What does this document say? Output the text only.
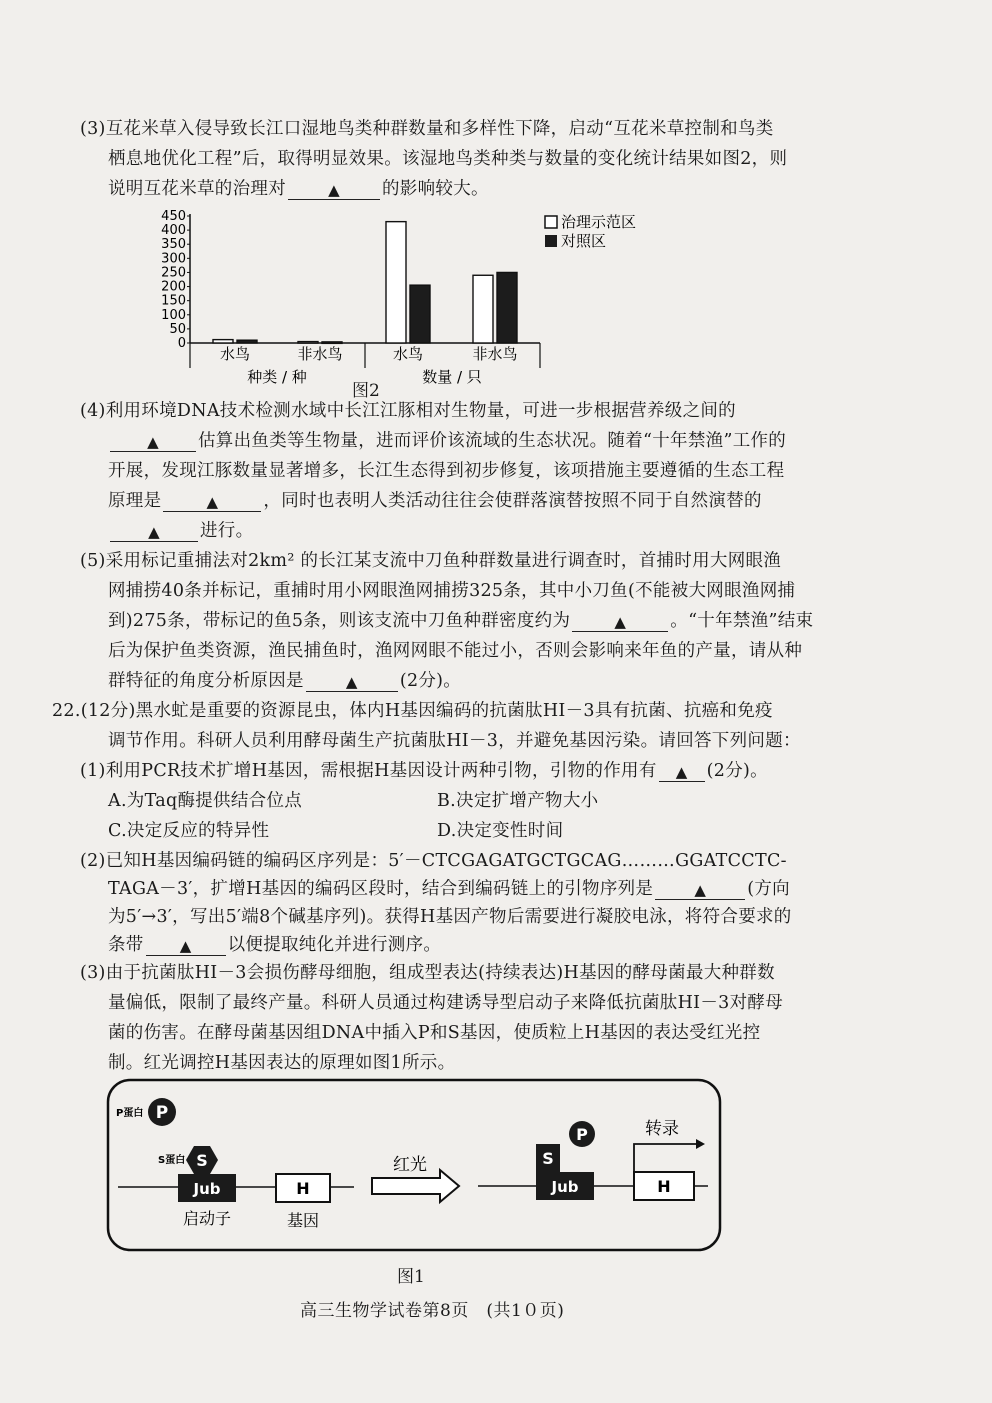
(3)互花米草入侵导致长江口湿地鸟类种群数量和多样性下降，启动“互花米草控制和鸟类
栖息地优化工程”后，取得明显效果。该湿地鸟类种类与数量的变化统计结果如图2，则
说明互花米草的治理对	▲ 的影响较大。
450
400
350
300
250
200
150
100
50
0
水鸟	非水鸟	水鸟	非水鸟
种类 / 种	数量 / 只
治理示范区
对照区
图2
(4)利用环境DNA技术检测水域中长江江豚相对生物量，可进一步根据营养级之间的
▲ 估算出鱼类等生物量，进而评价该流域的生态状况。随着“十年禁渔”工作的
开展，发现江豚数量显著增多，长江生态得到初步修复，该项措施主要遵循的生态工程
原理是	▲	，同时也表明人类活动往往会使群落演替按照不同于自然演替的
▲ 进行。
(5)采用标记重捕法对2km² 的长江某支流中刀鱼种群数量进行调查时，首捕时用大网眼渔
网捕捞40条并标记，重捕时用小网眼渔网捕捞325条，其中小刀鱼(不能被大网眼渔网捕
到)275条，带标记的鱼5条，则该支流中刀鱼种群密度约为	▲	。“十年禁渔”结束
后为保护鱼类资源，渔民捕鱼时，渔网网眼不能过小，否则会影响来年鱼的产量，请从种
群特征的角度分析原因是	▲ (2分)。
22.(12分)黑水虻是重要的资源昆虫，体内H基因编码的抗菌肽HI－3具有抗菌、抗癌和免疫
调节作用。科研人员利用酵母菌生产抗菌肽HI－3，并避免基因污染。请回答下列问题：
(1)利用PCR技术扩增H基因，需根据H基因设计两种引物，引物的作用有 ▲ (2分)。
A.为Taq酶提供结合位点	B.决定扩增产物大小
C.决定反应的特异性	D.决定变性时间
(2)已知H基因编码链的编码区序列是：5′－CTCGAGATGCTGCAG………GGATCCTC-
TAGA－3′，扩增H基因的编码区段时，结合到编码链上的引物序列是	▲ (方向
为5′→3′，写出5′端8个碱基序列)。获得H基因产物后需要进行凝胶电泳，将符合要求的
条带 ▲ 以便提取纯化并进行测序。
(3)由于抗菌肽HI－3会损伤酵母细胞，组成型表达(持续表达)H基因的酵母菌最大种群数
量偏低，限制了最终产量。科研人员通过构建诱导型启动子来降低抗菌肽HI－3对酵母
菌的伤害。在酵母菌基因组DNA中插入P和S基因，使质粒上H基因的表达受红光控
制。红光调控H基因表达的原理如图1所示。
P蛋白 P
S蛋白 S
Jub	H
启动子	基因
红光	S
P
Jub	H
转录
图1
高三生物学试卷第8页　(共1０页)
